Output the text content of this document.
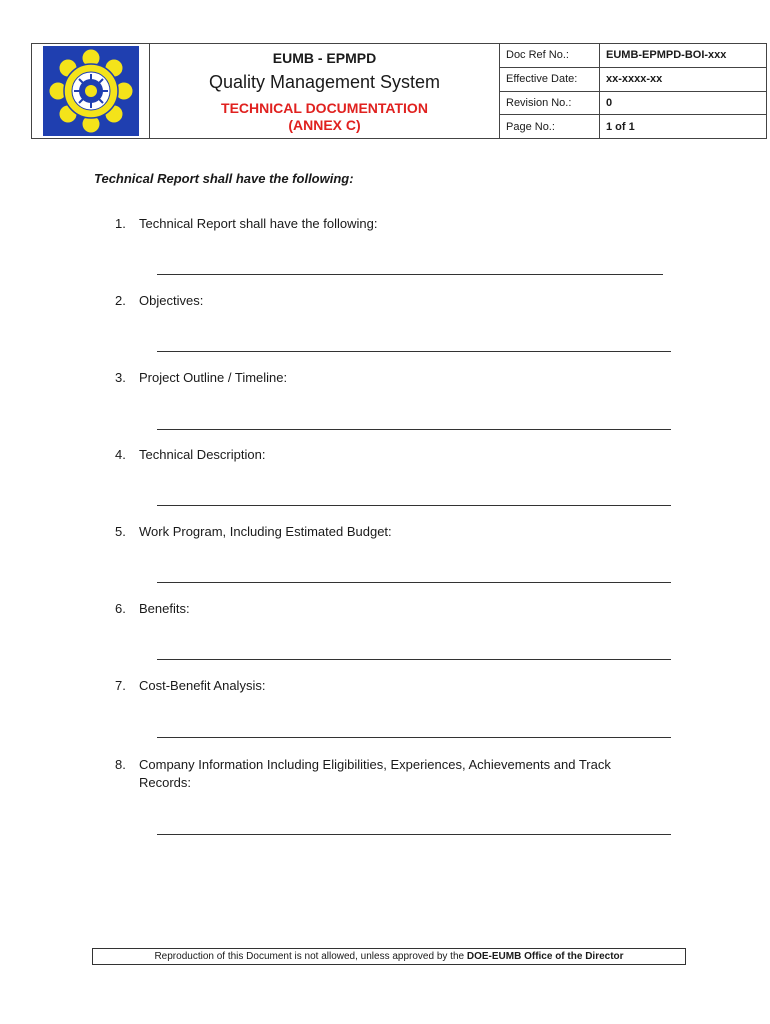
EUMB - EPMPD
Quality Management System
TECHNICAL DOCUMENTATION
(ANNEX C)
Doc Ref No.:	EUMB-EPMPD-BOI-xxx
Effective Date:	xx-xxxx-xx
Revision No.:	0
Page No.:	1 of 1
Technical Report shall have the following:
1. Technical Report shall have the following:
2. Objectives:
3. Project Outline / Timeline:
4. Technical Description:
5. Work Program, Including Estimated Budget:
6. Benefits:
7. Cost-Benefit Analysis:
8. Company Information Including Eligibilities, Experiences, Achievements and Track Records:
Reproduction of this Document is not allowed, unless approved by the DOE-EUMB Office of the Director
